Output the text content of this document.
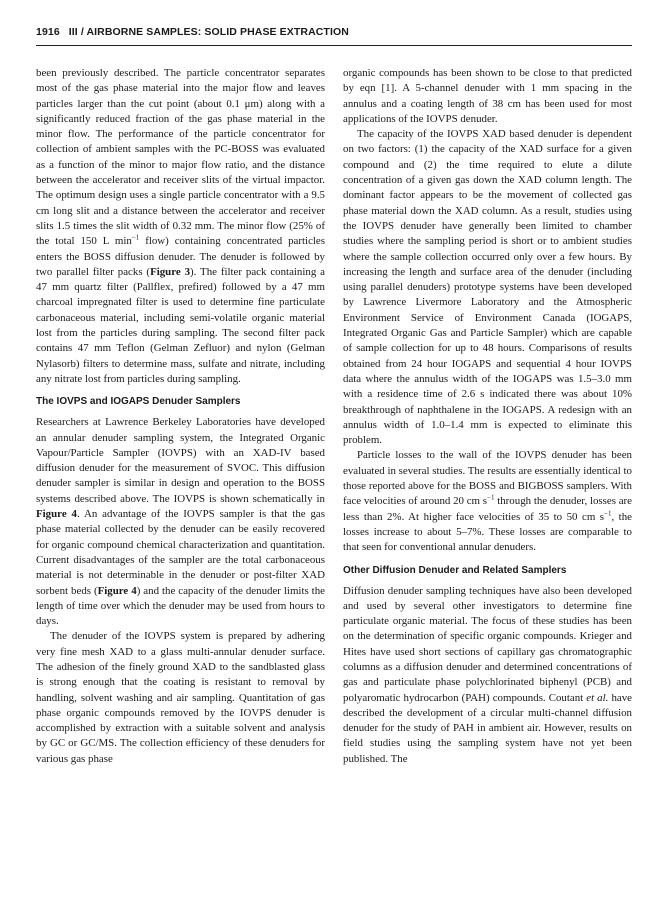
1916 III / AIRBORNE SAMPLES: SOLID PHASE EXTRACTION

been previously described. The particle concentrator separates most of the gas phase material into the major flow and leaves particles larger than the cut point (about 0.1 μm) along with a significantly reduced fraction of the gas phase material in the minor flow. The performance of the particle concentrator for collection of ambient samples with the PC-BOSS was evaluated as a function of the minor to major flow ratio, and the distance between the accelerator and receiver slits of the virtual impactor. The optimum design uses a single particle concentrator with a 9.5 cm long slit and a distance between the accelerator and receiver slits 1.5 times the slit width of 0.32 mm. The minor flow (25% of the total 150 L $\min^{-1}$ flow) containing concentrated particles enters the BOSS diffusion denuder. The denuder is followed by two parallel filter packs (Figure 3). The filter pack containing a 47 mm quartz filter (Pallflex, prefired) followed by a 47 mm charcoal impregnated filter is used to determine fine particulate carbonaceous material, including semi-volatile organic material lost from the particles during sampling. The second filter pack contains 47 mm Teflon (Gelman Zefluor) and nylon (Gelman Nylasorb) filters to determine mass, sulfate and nitrate, including any nitrate lost from particles during sampling.

The IOVPS and IOGAPS Denuder Samplers

Researchers at Lawrence Berkeley Laboratories have developed an annular denuder sampling system, the Integrated Organic Vapour/Particle Sampler (IOVPS) with an XAD-IV based diffusion denuder for the measurement of SVOC. This diffusion denuder sampler is similar in design and operation to the BOSS systems described above. The IOVPS is shown schematically in Figure 4. An advantage of the IOVPS sampler is that the gas phase material collected by the denuder can be easily recovered for organic compound chemical characterization and quantitation. Current disadvantages of the sampler are the total carbonaceous material is not determinable in the denuder or post-filter XAD sorbent beds (Figure 4) and the capacity of the denuder limits the length of time over which the denuder may be used from hours to days.

The denuder of the IOVPS system is prepared by adhering very fine mesh XAD to a glass multi-annular denuder surface. The adhesion of the finely ground XAD to the sandblasted glass is strong enough that the coating is resistant to removal by handling, solvent washing and air sampling. Quantitation of gas phase organic compounds removed by the IOVPS denuder is accomplished by extraction with a suitable solvent and analysis by GC or GC/MS. The collection efficiency of these denuders for various gas phase

organic compounds has been shown to be close to that predicted by eqn [1]. A 5-channel denuder with 1 mm spacing in the annulus and a coating length of 38 cm has been used for most applications of the IOVPS denuder.

The capacity of the IOVPS XAD based denuder is dependent on two factors: (1) the capacity of the XAD surface for a given compound and (2) the time required to elute a dilute concentration of a given gas down the XAD column length. The dominant factor appears to be the movement of collected gas phase material down the XAD column. As a result, studies using the IOVPS denuder have generally been limited to chamber studies where the sampling period is short or to ambient studies where the sample collection occurred only over a few hours. By increasing the length and surface area of the denuder (including using parallel denuders) prototype systems have been developed by Lawrence Livermore Laboratory and the Atmospheric Environment Service of Environment Canada (IOGAPS, Integrated Organic Gas and Particle Sampler) which are capable of sample collection for up to 48 hours. Comparisons of results obtained from 24 hour IOGAPS and sequential 4 hour IOVPS data where the annulus width of the IOGAPS was 1.5–3.0 mm with a residence time of 2.6 s indicated there was about 10% breakthrough of naphthalene in the IOGAPS. A redesign with an annulus width of 1.0–1.4 mm is expected to eliminate this problem.

Particle losses to the wall of the IOVPS denuder has been evaluated in several studies. The results are essentially identical to those reported above for the BOSS and BIGBOSS samplers. With face velocities of around 20 cm $s^{-1}$ through the denuder, losses are less than 2%. At higher face velocities of 35 to 50 cm $s^{-1}$, the losses increase to about 5–7%. These losses are comparable to that seen for conventional annular denuders.

Other Diffusion Denuder and Related Samplers

Diffusion denuder sampling techniques have also been developed and used by several other investigators to determine fine particulate organic material. The focus of these studies has been on the determination of specific organic compounds. Krieger and Hites have used short sections of capillary gas chromatographic columns as a diffusion denuder and determined concentrations of gas and particulate phase polychlorinated biphenyl (PCB) and polyaromatic hydrocarbon (PAH) compounds. Coutant et al. have described the development of a circular multi-channel diffusion denuder for the study of PAH in ambient air. However, results on field studies using the sampling system have not yet been published. The
